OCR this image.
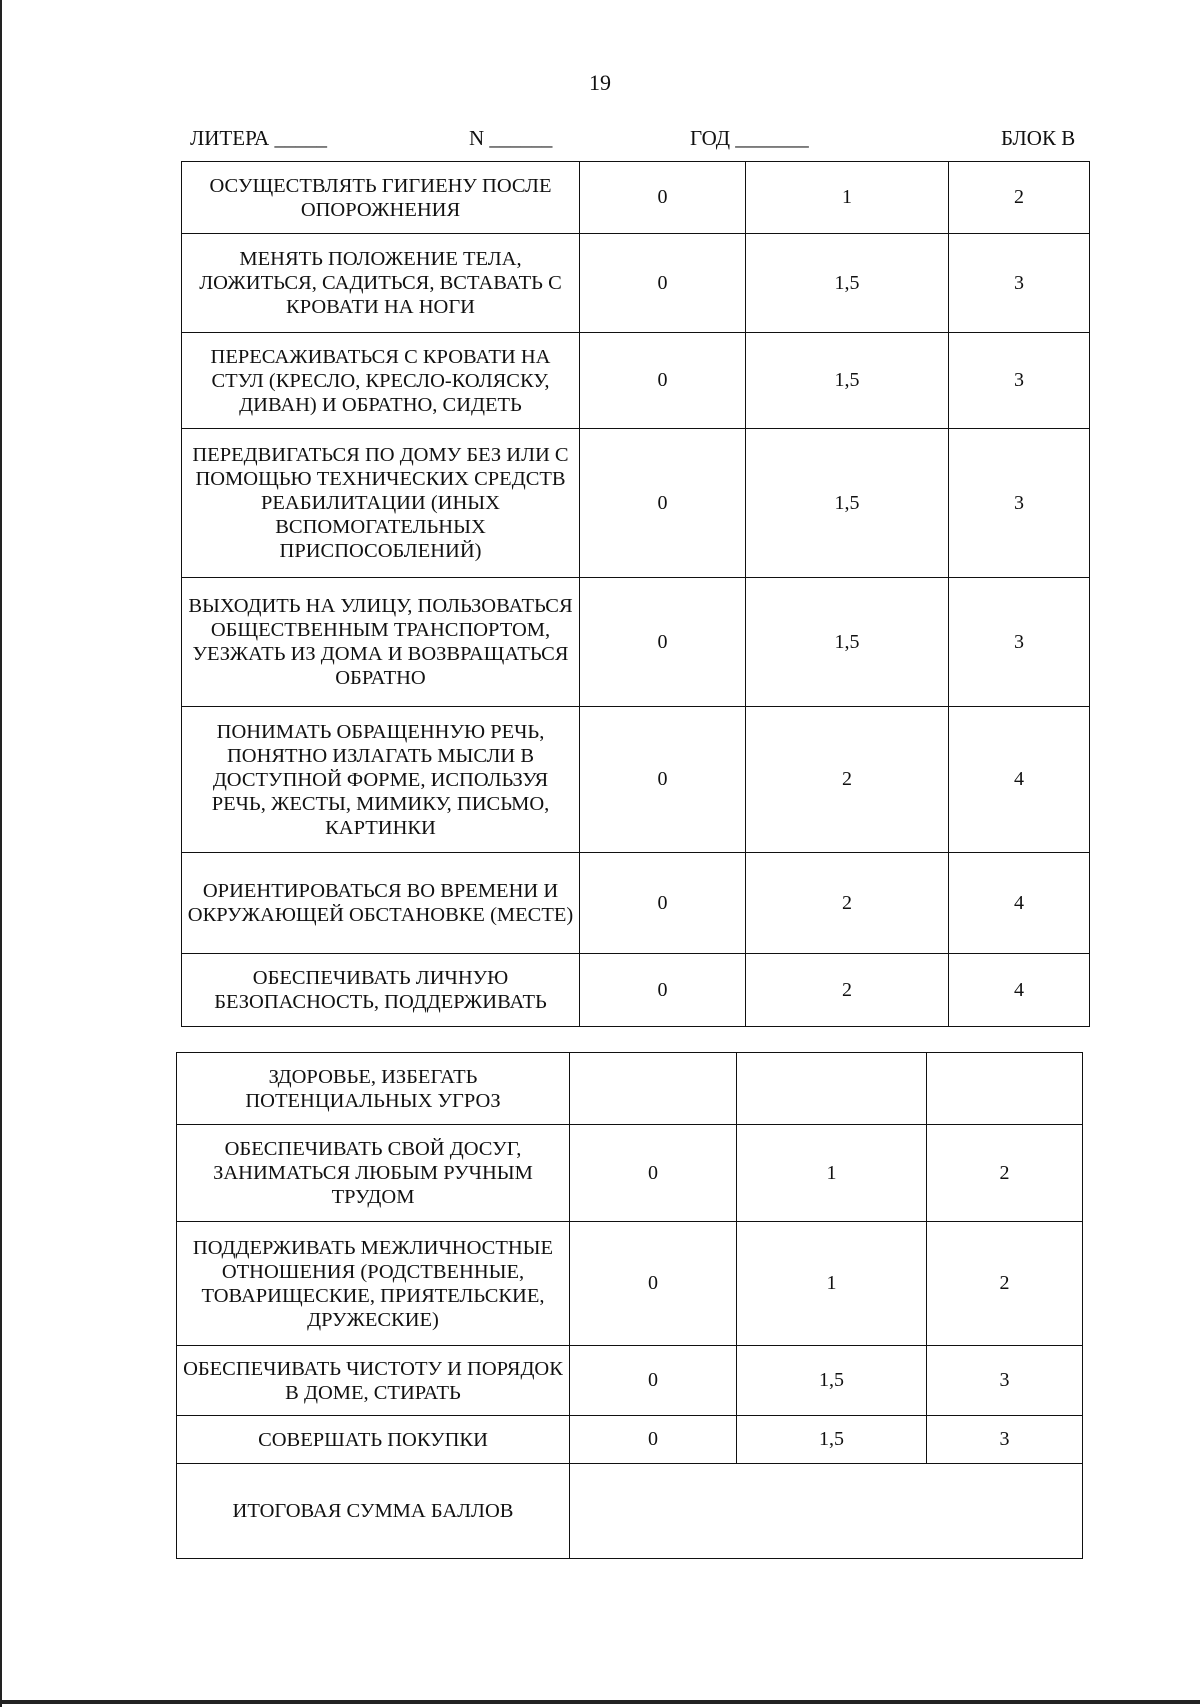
19
ЛИТЕРА _____	N ______	ГОД _______	БЛОК В
ОСУЩЕСТВЛЯТЬ ГИГИЕНУ ПОСЛЕ ОПОРОЖНЕНИЯ	0	1	2
МЕНЯТЬ ПОЛОЖЕНИЕ ТЕЛА, ЛОЖИТЬСЯ, САДИТЬСЯ, ВСТАВАТЬ С КРОВАТИ НА НОГИ	0	1,5	3
ПЕРЕСАЖИВАТЬСЯ С КРОВАТИ НА СТУЛ (КРЕСЛО, КРЕСЛО-КОЛЯСКУ, ДИВАН) И ОБРАТНО, СИДЕТЬ	0	1,5	3
ПЕРЕДВИГАТЬСЯ ПО ДОМУ БЕЗ ИЛИ С ПОМОЩЬЮ ТЕХНИЧЕСКИХ СРЕДСТВ РЕАБИЛИТАЦИИ (ИНЫХ ВСПОМОГАТЕЛЬНЫХ ПРИСПОСОБЛЕНИЙ)	0	1,5	3
ВЫХОДИТЬ НА УЛИЦУ, ПОЛЬЗОВАТЬСЯ ОБЩЕСТВЕННЫМ ТРАНСПОРТОМ, УЕЗЖАТЬ ИЗ ДОМА И ВОЗВРАЩАТЬСЯ ОБРАТНО	0	1,5	3
ПОНИМАТЬ ОБРАЩЕННУЮ РЕЧЬ, ПОНЯТНО ИЗЛАГАТЬ МЫСЛИ В ДОСТУПНОЙ ФОРМЕ, ИСПОЛЬЗУЯ РЕЧЬ, ЖЕСТЫ, МИМИКУ, ПИСЬМО, КАРТИНКИ	0	2	4
ОРИЕНТИРОВАТЬСЯ ВО ВРЕМЕНИ И ОКРУЖАЮЩЕЙ ОБСТАНОВКЕ (МЕСТЕ)	0	2	4
ОБЕСПЕЧИВАТЬ ЛИЧНУЮ БЕЗОПАСНОСТЬ, ПОДДЕРЖИВАТЬ	0	2	4
ЗДОРОВЬЕ, ИЗБЕГАТЬ ПОТЕНЦИАЛЬНЫХ УГРОЗ			
ОБЕСПЕЧИВАТЬ СВОЙ ДОСУГ, ЗАНИМАТЬСЯ ЛЮБЫМ РУЧНЫМ ТРУДОМ	0	1	2
ПОДДЕРЖИВАТЬ МЕЖЛИЧНОСТНЫЕ ОТНОШЕНИЯ (РОДСТВЕННЫЕ, ТОВАРИЩЕСКИЕ, ПРИЯТЕЛЬСКИЕ, ДРУЖЕСКИЕ)	0	1	2
ОБЕСПЕЧИВАТЬ ЧИСТОТУ И ПОРЯДОК В ДОМЕ, СТИРАТЬ	0	1,5	3
СОВЕРШАТЬ ПОКУПКИ	0	1,5	3
ИТОГОВАЯ СУММА БАЛЛОВ			
